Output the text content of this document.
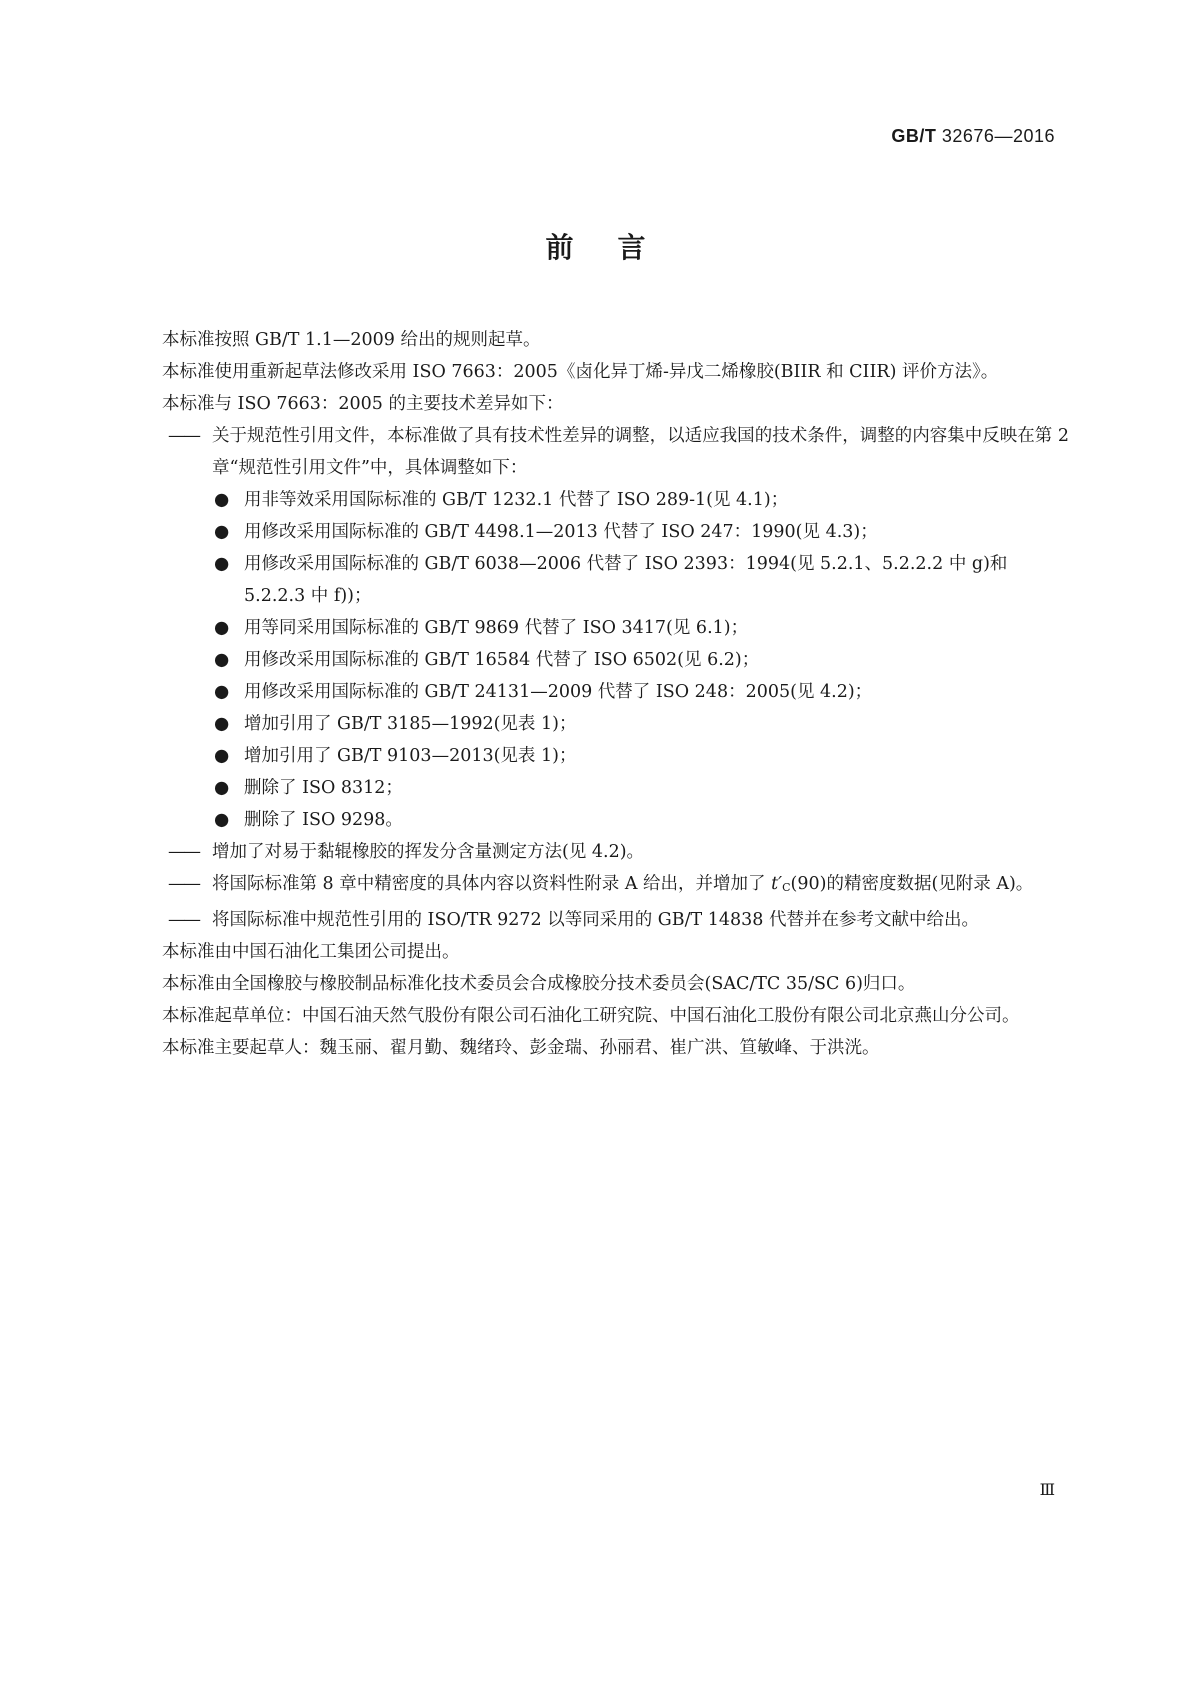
GB/T 32676—2016
前言

本标准按照 GB/T 1.1—2009 给出的规则起草。

本标准使用重新起草法修改采用 ISO 7663：2005《卤化异丁烯-异戊二烯橡胶(BIIR 和 CIIR) 评价方法》。

本标准与 ISO 7663：2005 的主要技术差异如下：

—— 关于规范性引用文件，本标准做了具有技术性差异的调整，以适应我国的技术条件，调整的内容集中反映在第 2 章“规范性引用文件”中，具体调整如下：

● 用非等效采用国际标准的 GB/T 1232.1 代替了 ISO 289-1(见 4.1)；

● 用修改采用国际标准的 GB/T 4498.1—2013 代替了 ISO 247：1990(见 4.3)；

● 用修改采用国际标准的 GB/T 6038—2006 代替了 ISO 2393：1994(见 5.2.1、5.2.2.2 中 g)和 5.2.2.3 中 f))；

● 用等同采用国际标准的 GB/T 9869 代替了 ISO 3417(见 6.1)；

● 用修改采用国际标准的 GB/T 16584 代替了 ISO 6502(见 6.2)；

● 用修改采用国际标准的 GB/T 24131—2009 代替了 ISO 248：2005(见 4.2)；

● 增加引用了 GB/T 3185—1992(见表 1)；

● 增加引用了 GB/T 9103—2013(见表 1)；

● 删除了 ISO 8312；

● 删除了 ISO 9298。

—— 增加了对易于黏辊橡胶的挥发分含量测定方法(见 4.2)。

—— 将国际标准第 8 章中精密度的具体内容以资料性附录 A 给出，并增加了 t′C(90)的精密度数据(见附录 A)。

—— 将国际标准中规范性引用的 ISO/TR 9272 以等同采用的 GB/T 14838 代替并在参考文献中给出。

本标准由中国石油化工集团公司提出。

本标准由全国橡胶与橡胶制品标准化技术委员会合成橡胶分技术委员会(SAC/TC 35/SC 6)归口。

本标准起草单位：中国石油天然气股份有限公司石油化工研究院、中国石油化工股份有限公司北京燕山分公司。

本标准主要起草人：魏玉丽、翟月勤、魏绪玲、彭金瑞、孙丽君、崔广洪、笪敏峰、于洪洸。

Ⅲ
